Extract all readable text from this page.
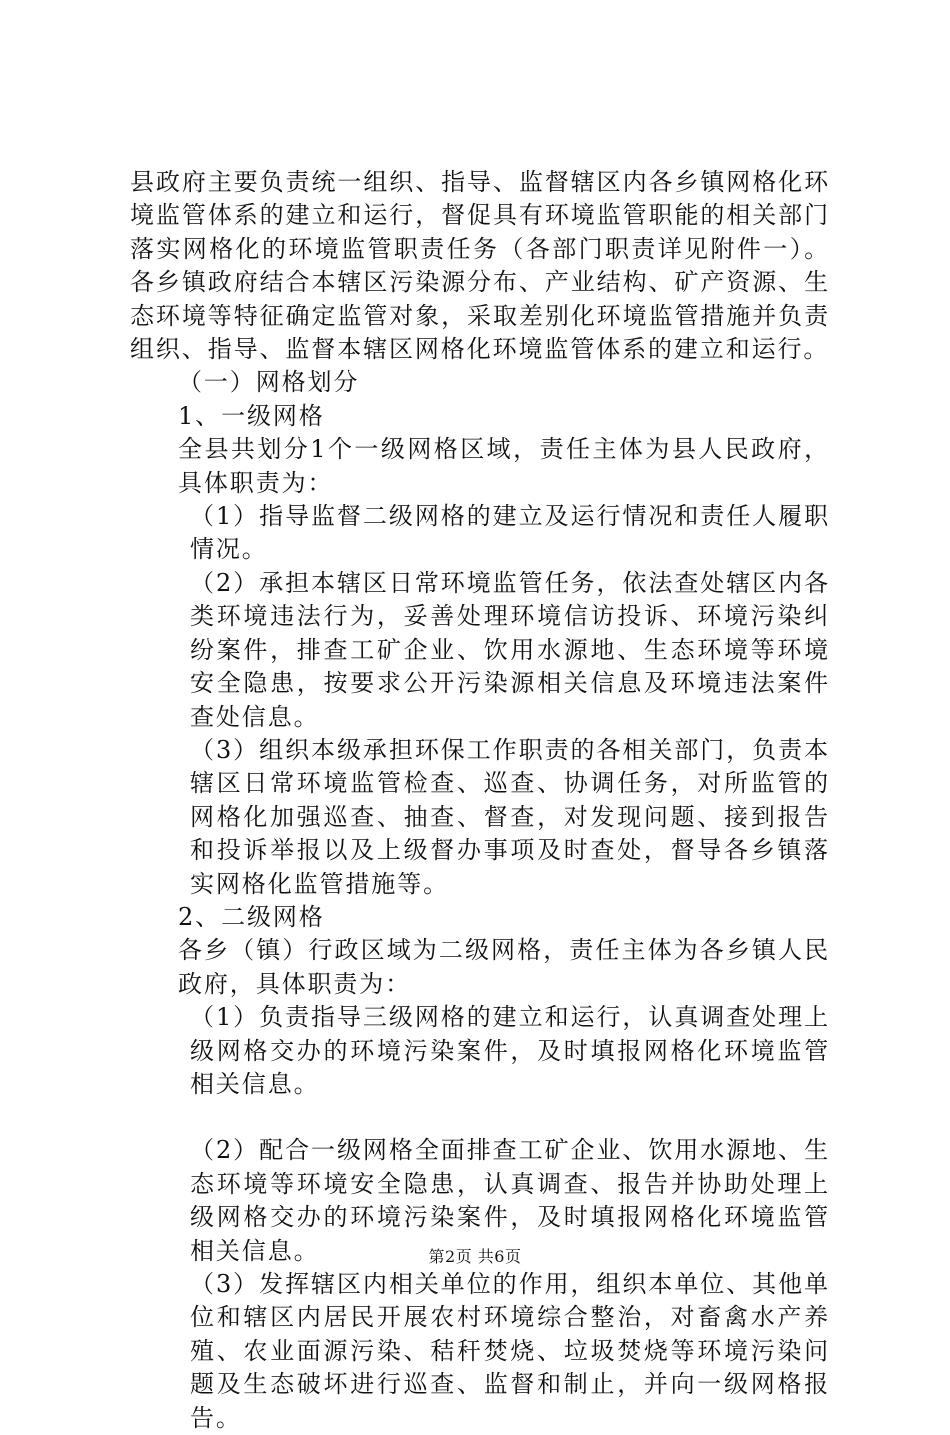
县政府主要负责统一组织、指导、监督辖区内各乡镇网格化环境监管体系的建立和运行，督促具有环境监管职能的相关部门落实网格化的环境监管职责任务（各部门职责详见附件一）。各乡镇政府结合本辖区污染源分布、产业结构、矿产资源、生态环境等特征确定监管对象，采取差别化环境监管措施并负责组织、指导、监督本辖区网格化环境监管体系的建立和运行。

（一）网格划分

1、一级网格

全县共划分1个一级网格区域，责任主体为县人民政府，具体职责为：

（1）指导监督二级网格的建立及运行情况和责任人履职情况。

（2）承担本辖区日常环境监管任务，依法查处辖区内各类环境违法行为，妥善处理环境信访投诉、环境污染纠纷案件，排查工矿企业、饮用水源地、生态环境等环境安全隐患，按要求公开污染源相关信息及环境违法案件查处信息。

（3）组织本级承担环保工作职责的各相关部门，负责本辖区日常环境监管检查、巡查、协调任务，对所监管的网格化加强巡查、抽查、督查，对发现问题、接到报告和投诉举报以及上级督办事项及时查处，督导各乡镇落实网格化监管措施等。

2、二级网格

各乡（镇）行政区域为二级网格，责任主体为各乡镇人民政府，具体职责为：

（1）负责指导三级网格的建立和运行，认真调查处理上级网格交办的环境污染案件，及时填报网格化环境监管相关信息。

（2）配合一级网格全面排查工矿企业、饮用水源地、生态环境等环境安全隐患，认真调查、报告并协助处理上级网格交办的环境污染案件，及时填报网格化环境监管相关信息。

（3）发挥辖区内相关单位的作用，组织本单位、其他单位和辖区内居民开展农村环境综合整治，对畜禽水产养殖、农业面源污染、秸秆焚烧、垃圾焚烧等环境污染问题及生态破坏进行巡查、监督和制止，并向一级网格报告。

第2页 共6页
